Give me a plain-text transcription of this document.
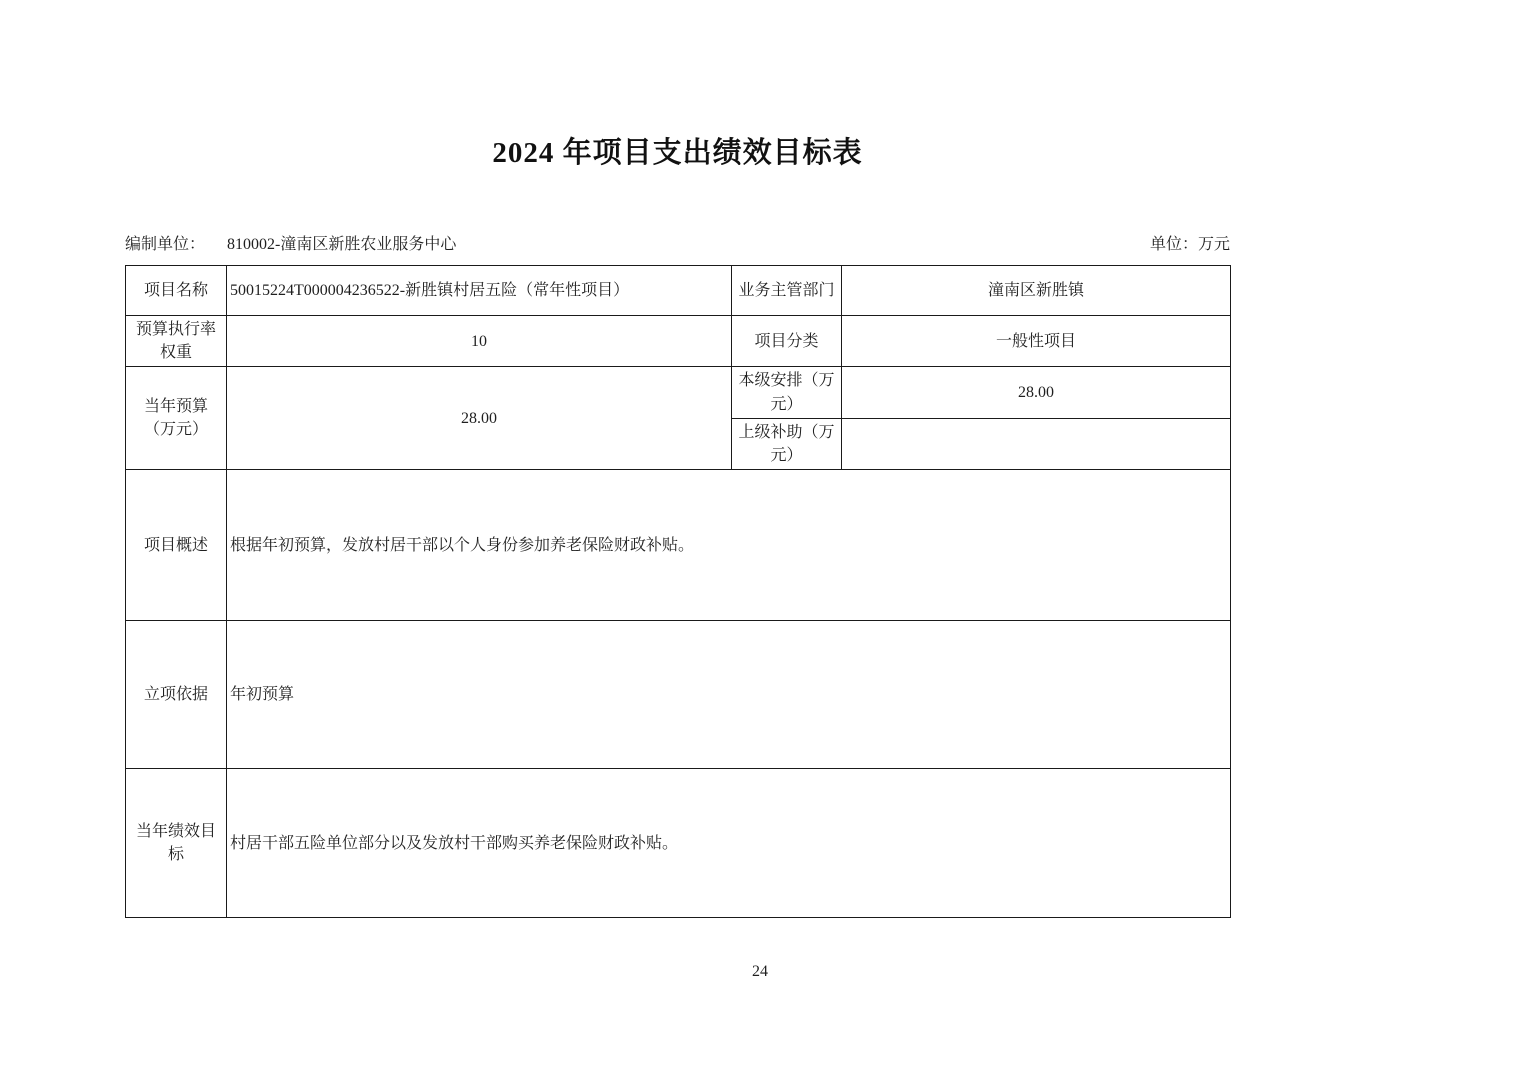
2024 年项目支出绩效目标表
编制单位： 810002-潼南区新胜农业服务中心	单位：万元
项目名称	50015224T000004236522-新胜镇村居五险（常年性项目）	业务主管部门	潼南区新胜镇
预算执行率权重	10	项目分类	一般性项目
当年预算（万元）	28.00	本级安排（万元）	28.00
		上级补助（万元）	
项目概述	根据年初预算，发放村居干部以个人身份参加养老保险财政补贴。		
立项依据	年初预算		
当年绩效目标	村居干部五险单位部分以及发放村干部购买养老保险财政补贴。		
24
